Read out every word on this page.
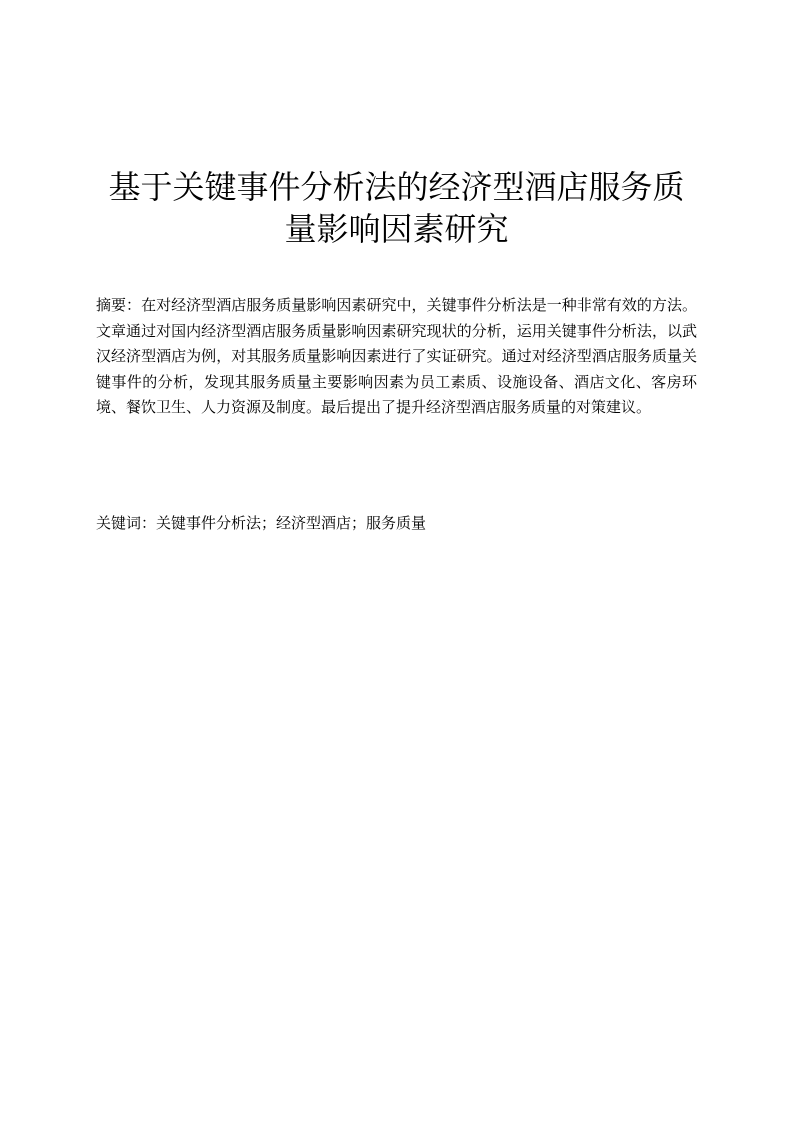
基于关键事件分析法的经济型酒店服务质
量影响因素研究

摘要：在对经济型酒店服务质量影响因素研究中，关键事件分析法是一种非常有效的方法。文章通过对国内经济型酒店服务质量影响因素研究现状的分析，运用关键事件分析法，以武汉经济型酒店为例，对其服务质量影响因素进行了实证研究。通过对经济型酒店服务质量关键事件的分析，发现其服务质量主要影响因素为员工素质、设施设备、酒店文化、客房环境、餐饮卫生、人力资源及制度。最后提出了提升经济型酒店服务质量的对策建议。

关键词：关键事件分析法；经济型酒店；服务质量
